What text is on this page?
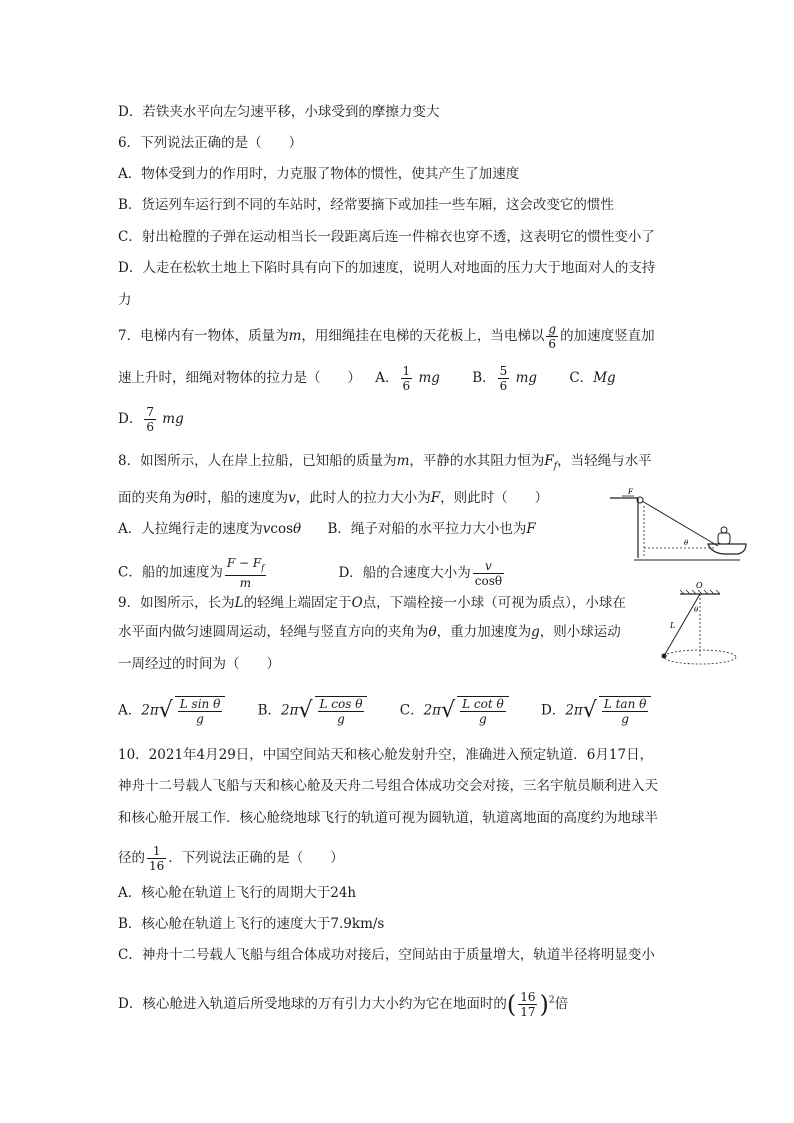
D．若铁夹水平向左匀速平移，小球受到的摩擦力变大
6．下列说法正确的是（　　）
A．物体受到力的作用时，力克服了物体的惯性，使其产生了加速度
B．货运列车运行到不同的车站时，经常要摘下或加挂一些车厢，这会改变它的惯性
C．射出枪膛的子弹在运动相当长一段距离后连一件棉衣也穿不透，这表明它的惯性变小了
D．人走在松软土地上下陷时具有向下的加速度，说明人对地面的压力大于地面对人的支持
力
7．电梯内有一物体，质量为m，用细绳挂在电梯的天花板上，当电梯以 $\frac{g}{6}$ 的加速度竖直加
速上升时，细绳对物体的拉力是（　　） A． $\frac{1}{6}$ mg B． $\frac{5}{6}$ mg C．Mg
D． $\frac{7}{6}$ mg
8．如图所示，人在岸上拉船，已知船的质量为m，平静的水其阻力恒为$F_f$，当轻绳与水平
面的夹角为θ时，船的速度为v，此时人的拉力大小为F，则此时（　　）
A．人拉绳行走的速度为vcosθ B．绳子对船的水平拉力大小也为F
C．船的加速度为 $\frac{F - F_f}{m}$	D．船的合速度大小为 $\frac{v}{\cos\theta}$
F
θ
9．如图所示，长为L的轻绳上端固定于O点，下端栓接一小球（可视为质点），小球在
水平面内做匀速圆周运动，轻绳与竖直方向的夹角为θ，重力加速度为g，则小球运动
一周经过的时间为（　　）
O
θ
L
A．$2\pi√ \frac{\text{L sin θ}}{g}$ B．$2\pi√ \frac{\text{L cos θ}}{g}$ C．$2\pi√ \frac{\text{L cot θ}}{g}$ D．$2\pi√ \frac{\text{L tan θ}}{g}$
10．2021年4月29日，中国空间站天和核心舱发射升空，准确进入预定轨道．6月17日，
神舟十二号载人飞船与天和核心舱及天舟二号组合体成功交会对接，三名宇航员顺利进入天
和核心舱开展工作．核心舱绕地球飞行的轨道可视为圆轨道，轨道离地面的高度约为地球半
径的 $\frac{1}{16}$ ．下列说法正确的是（　　）
A．核心舱在轨道上飞行的周期大于24h
B．核心舱在轨道上飞行的速度大于7.9km/s
C．神舟十二号载人飞船与组合体成功对接后，空间站由于质量增大，轨道半径将明显变小
D．核心舱进入轨道后所受地球的万有引力大小约为它在地面时的( $\frac{16}{17} )^2$倍
